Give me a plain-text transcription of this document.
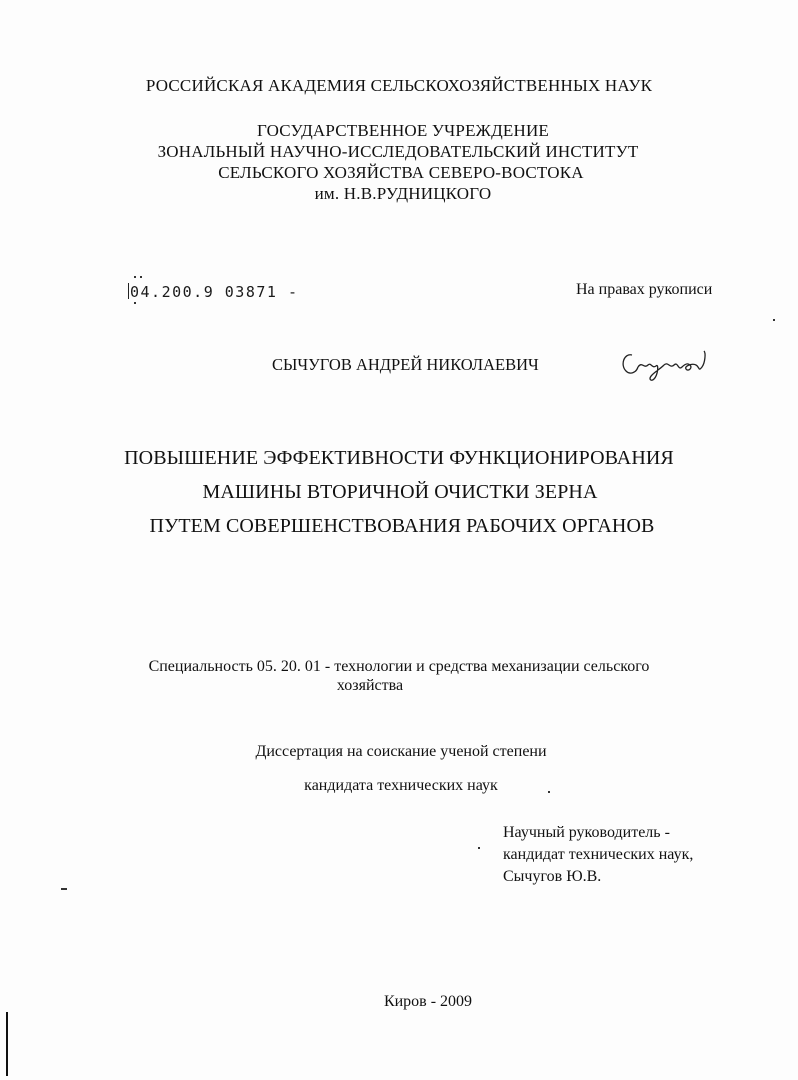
РОССИЙСКАЯ АКАДЕМИЯ СЕЛЬСКОХОЗЯЙСТВЕННЫХ НАУК
ГОСУДАРСТВЕННОЕ УЧРЕЖДЕНИЕ
ЗОНАЛЬНЫЙ НАУЧНО-ИССЛЕДОВАТЕЛЬСКИЙ ИНСТИТУТ
СЕЛЬСКОГО ХОЗЯЙСТВА СЕВЕРО-ВОСТОКА
им. Н.В.РУДНИЦКОГО
04.200.9 03871 -	На правах рукописи
СЫЧУГОВ АНДРЕЙ НИКОЛАЕВИЧ
ПОВЫШЕНИЕ ЭФФЕКТИВНОСТИ ФУНКЦИОНИРОВАНИЯ
МАШИНЫ ВТОРИЧНОЙ ОЧИСТКИ ЗЕРНА
ПУТЕМ СОВЕРШЕНСТВОВАНИЯ РАБОЧИХ ОРГАНОВ
Специальность 05. 20. 01 - технологии и средства механизации сельского
хозяйства
Диссертация на соискание ученой степени
кандидата технических наук
Научный руководитель -
кандидат технических наук,
Сычугов Ю.В.
Киров - 2009
